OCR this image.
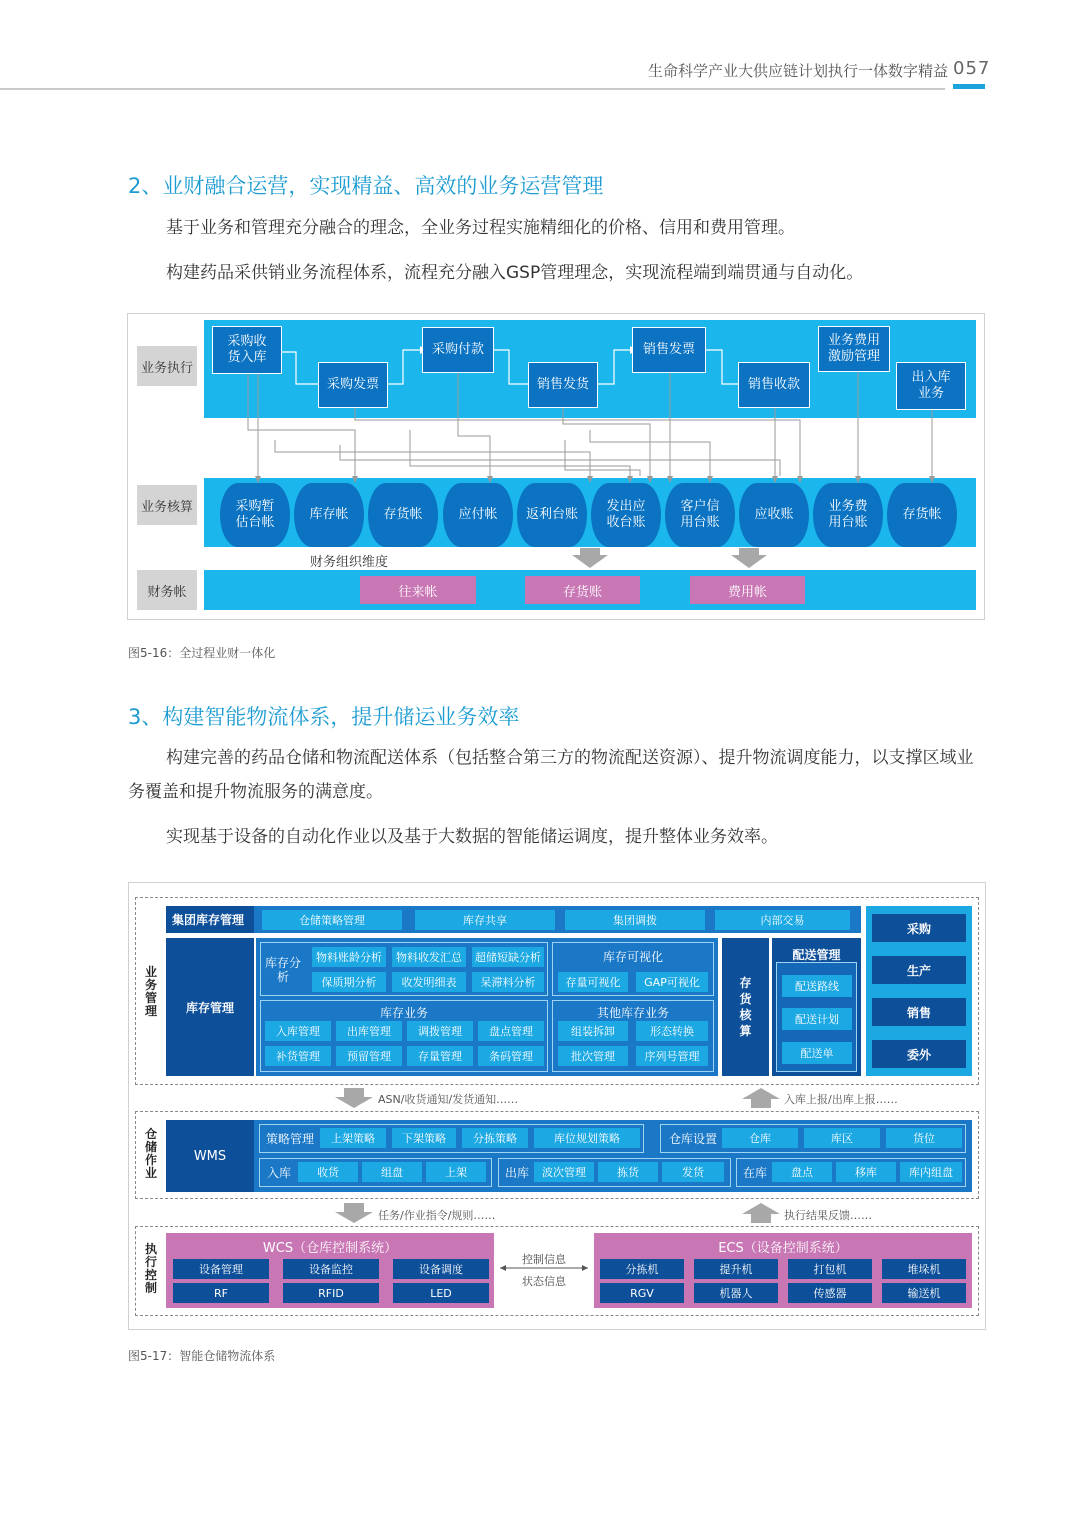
生命科学产业大供应链计划执行一体数字精益 057
2、业财融合运营，实现精益、高效的业务运营管理
基于业务和管理充分融合的理念，全业务过程实施精细化的价格、信用和费用管理。
构建药品采供销业务流程体系，流程充分融入GSP管理理念，实现流程端到端贯通与自动化。
业务执行
业务核算
财务帐
采购收
货入库
采购发票
采购付款
销售发货
销售发票
销售收款
业务费用
激励管理
出入库
业务
采购暂
估台帐
库存帐	存货帐	应付帐	返利台账
发出应
收台账
客户信
用台账
应收账
业务费
用台账
存货帐
财务组织维度
往来帐	存货账	费用帐
图5-16：全过程业财一体化
3、构建智能物流体系，提升储运业务效率
构建完善的药品仓储和物流配送体系（包括整合第三方的物流配送资源）、提升物流调度能力，以支撑区域业务覆盖和提升物流服务的满意度。
实现基于设备的自动化作业以及基于大数据的智能储运调度，提升整体业务效率。
业务管理
集团库存管理	仓储策略管理	库存共享	集团调拨	内部交易
库存管理
库存分析
物料账龄分析	物料收发汇总	超储短缺分析
保质期分析	收发明细表	呆滞料分析
库存可视化
存量可视化	GAP可视化
库存业务
入库管理	出库管理	调拨管理	盘点管理
补货管理	预留管理	存量管理	条码管理
其他库存业务
组装拆卸	形态转换
批次管理	序列号管理
存货核算
配送管理
配送路线
配送计划
配送单
采购
生产
销售
委外
ASN/收货通知/发货通知……	入库上报/出库上报……
仓储作业
WMS
策略管理	上架策略	下架策略	分拣策略	库位规划策略	仓库设置	仓库	库区	货位
入库	收货	组盘	上架	出库	波次管理	拣货	发货	在库	盘点	移库	库内组盘
任务/作业指令/规则……	执行结果反馈……
执行控制
WCS（仓库控制系统）
设备管理	设备监控	设备调度
RF	RFID	LED
控制信息
状态信息
ECS（设备控制系统）
分拣机	提升机	打包机	堆垛机
RGV	机器人	传感器	输送机
图5-17：智能仓储物流体系
